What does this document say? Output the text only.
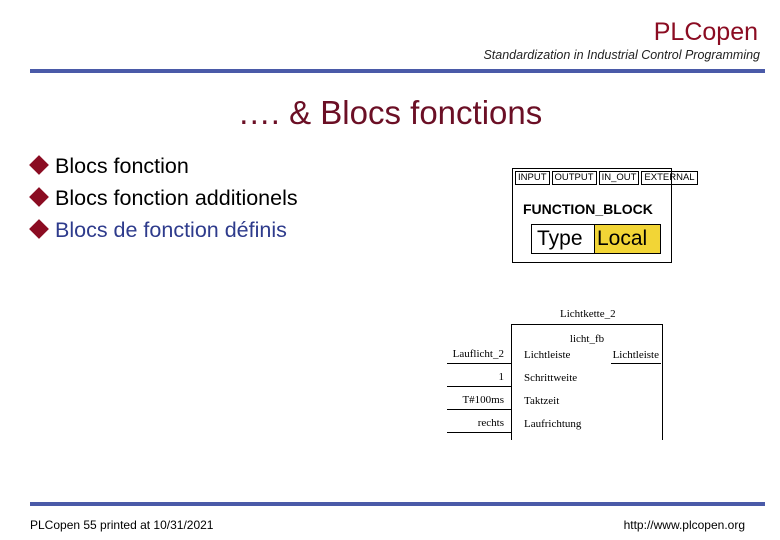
PLCopen
Standardization in Industrial Control Programming
…. & Blocs fonctions
Blocs fonction
Blocs fonction additionels
Blocs de fonction définis
INPUT OUTPUT IN_OUT EXTERNAL
FUNCTION_BLOCK
Type Local
Lichtkette_2
licht_fb
Lichtleiste	Lichtleiste
Schrittweite
Taktzeit
Laufrichtung
Lauflicht_2
1
T#100ms
rechts
PLCopen 55 printed at 10/31/2021	http://www.plcopen.org
